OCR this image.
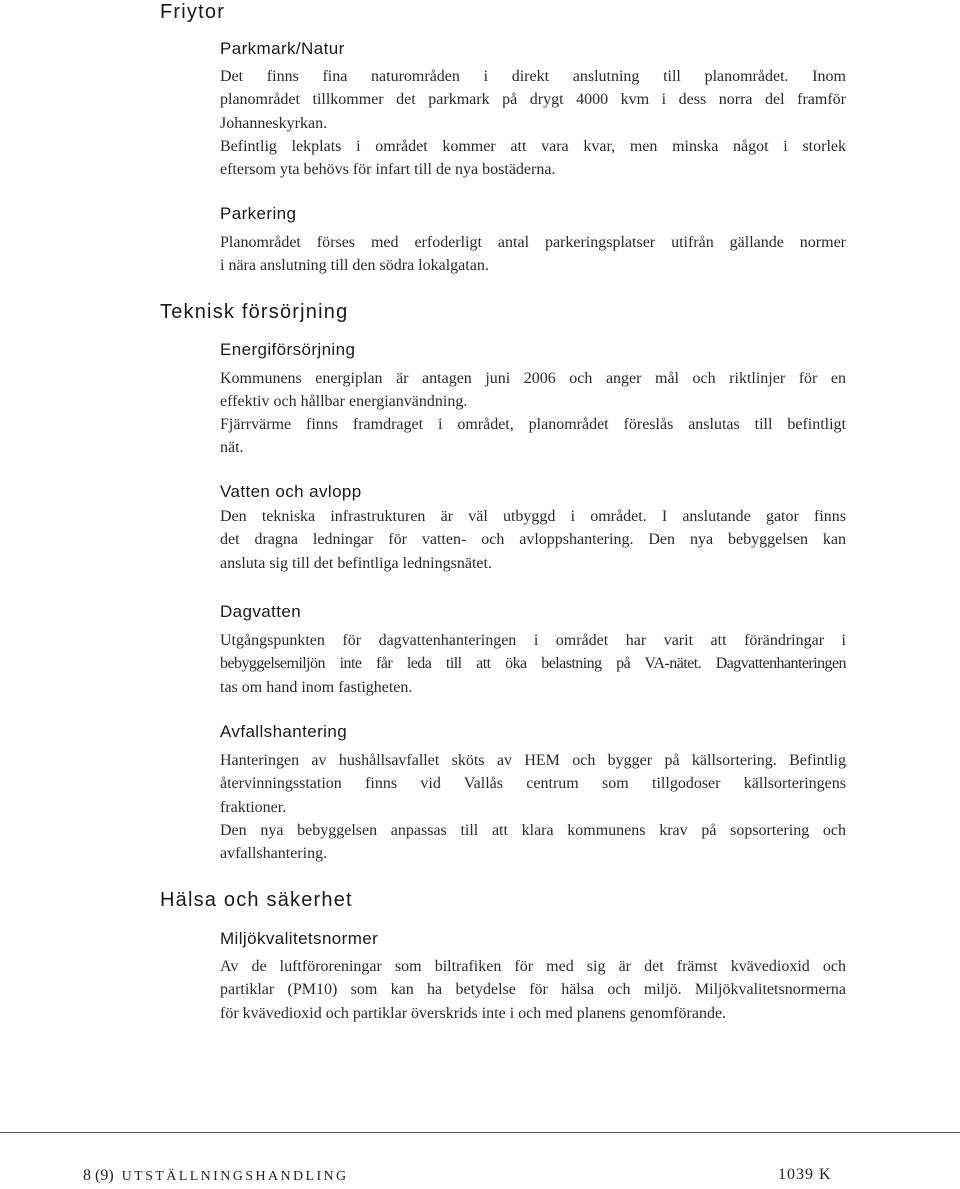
Friytor
Parkmark/Natur

Det finns fina naturområden i direkt anslutning till planområdet. Inom
planområdet tillkommer det parkmark på drygt 4000 kvm i dess norra del framför
Johanneskyrkan.

Befintlig lekplats i området kommer att vara kvar, men minska något i storlek
eftersom yta behövs för infart till de nya bostäderna.

Parkering

Planområdet förses med erfoderligt antal parkeringsplatser utifrån gällande normer
i nära anslutning till den södra lokalgatan.

Teknisk försörjning
Energiförsörjning

Kommunens energiplan är antagen juni 2006 och anger mål och riktlinjer för en
effektiv och hållbar energianvändning.

Fjärrvärme finns framdraget i området, planområdet föreslås anslutas till befintligt
nät.

Vatten och avlopp

Den tekniska infrastrukturen är väl utbyggd i området. I anslutande gator finns
det dragna ledningar för vatten- och avloppshantering. Den nya bebyggelsen kan
ansluta sig till det befintliga ledningsnätet.

Dagvatten

Utgångspunkten för dagvattenhanteringen i området har varit att förändringar i
bebyggelsemiljön inte får leda till att öka belastning på VA-nätet. Dagvattenhanteringen
tas om hand inom fastigheten.

Avfallshantering

Hanteringen av hushållsavfallet sköts av HEM och bygger på källsortering. Befintlig
återvinningsstation finns vid Vallås centrum som tillgodoser källsorteringens
fraktioner.

Den nya bebyggelsen anpassas till att klara kommunens krav på sopsortering och
avfallshantering.

Hälsa och säkerhet
Miljökvalitetsnormer

Av de luftföroreningar som biltrafiken för med sig är det främst kvävedioxid och
partiklar (PM10) som kan ha betydelse för hälsa och miljö. Miljökvalitetsnormerna
för kvävedioxid och partiklar överskrids inte i och med planens genomförande.

8 (9) UTSTÄLLNINGSHANDLING	1039 K
